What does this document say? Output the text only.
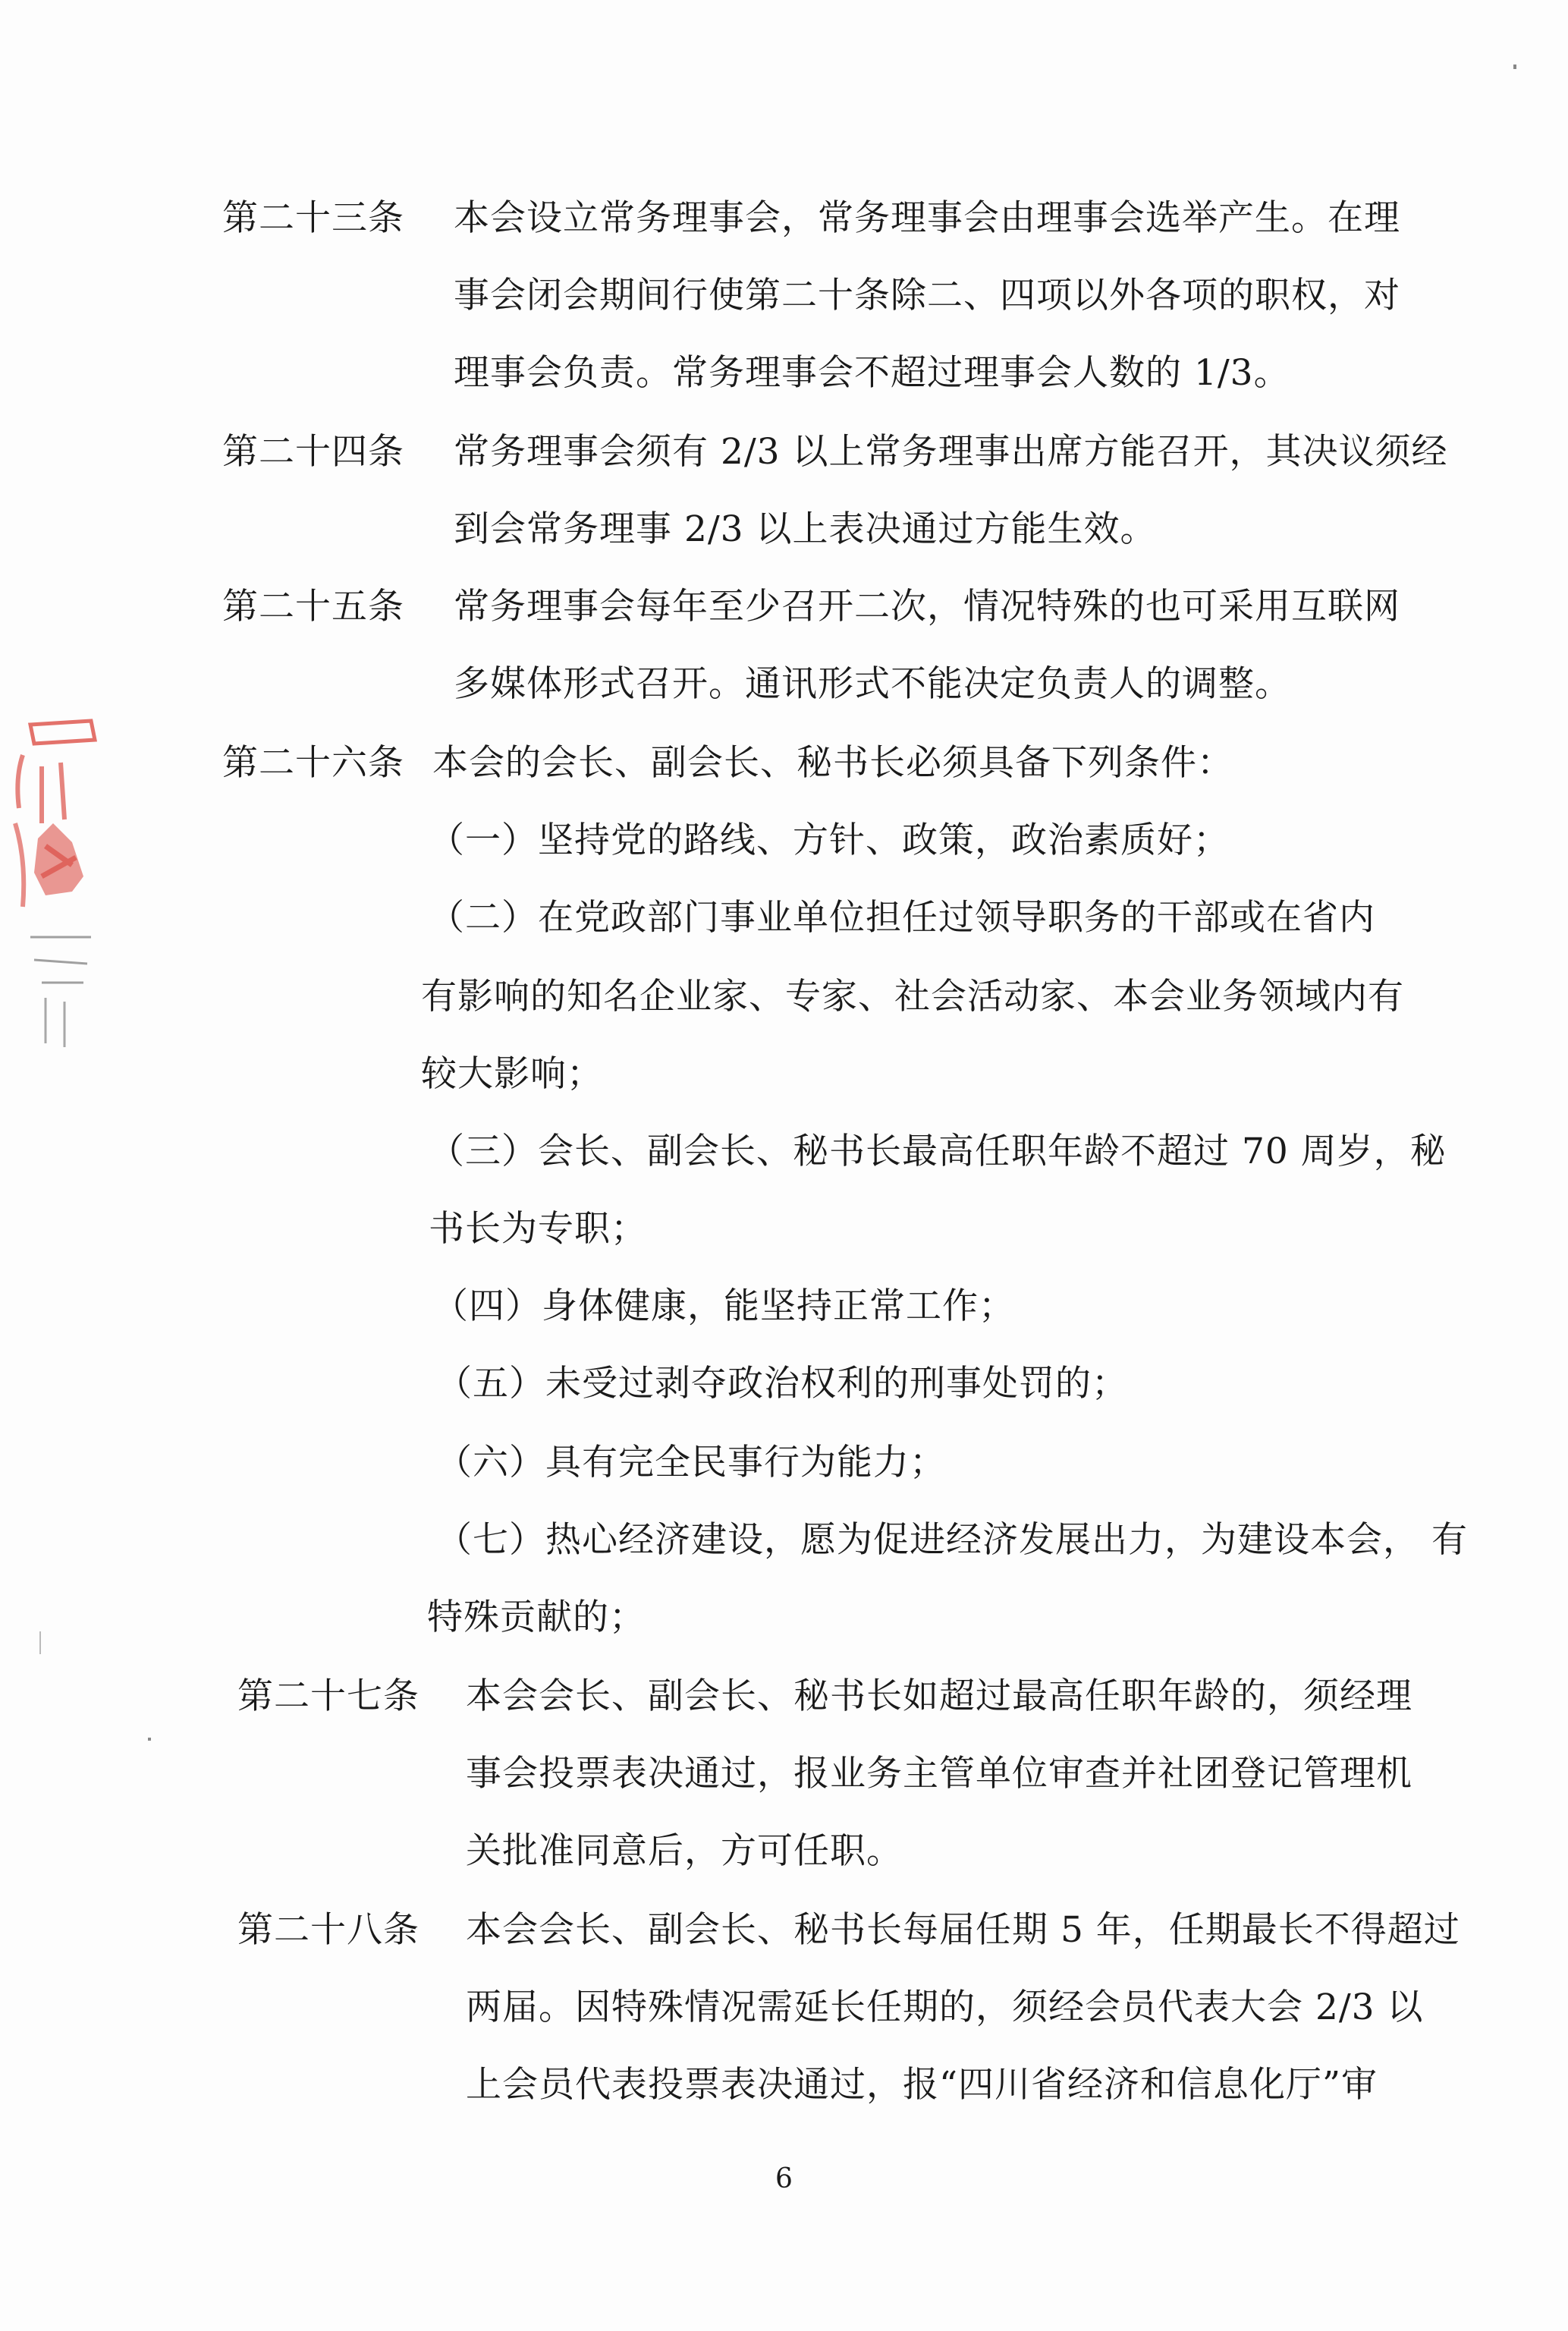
第二十三条 本会设立常务理事会，常务理事会由理事会选举产生。在理
事会闭会期间行使第二十条除二、四项以外各项的职权，对
理事会负责。常务理事会不超过理事会人数的 1/3。
第二十四条 常务理事会须有 2/3 以上常务理事出席方能召开，其决议须经
到会常务理事 2/3 以上表决通过方能生效。
第二十五条 常务理事会每年至少召开二次，情况特殊的也可采用互联网
多媒体形式召开。通讯形式不能决定负责人的调整。
第二十六条 本会的会长、副会长、秘书长必须具备下列条件：
（一）坚持党的路线、方针、政策，政治素质好；
（二）在党政部门事业单位担任过领导职务的干部或在省内
有影响的知名企业家、专家、社会活动家、本会业务领域内有
较大影响；
（三）会长、副会长、秘书长最高任职年龄不超过 70 周岁，秘
书长为专职；
（四）身体健康，能坚持正常工作；
（五）未受过剥夺政治权利的刑事处罚的；
（六）具有完全民事行为能力；
（七）热心经济建设，愿为促进经济发展出力，为建设本会， 有
特殊贡献的；
第二十七条 本会会长、副会长、秘书长如超过最高任职年龄的，须经理
事会投票表决通过，报业务主管单位审查并社团登记管理机
关批准同意后，方可任职。
第二十八条 本会会长、副会长、秘书长每届任期 5 年，任期最长不得超过
两届。因特殊情况需延长任期的，须经会员代表大会 2/3 以
上会员代表投票表决通过，报“四川省经济和信息化厅”审
6
